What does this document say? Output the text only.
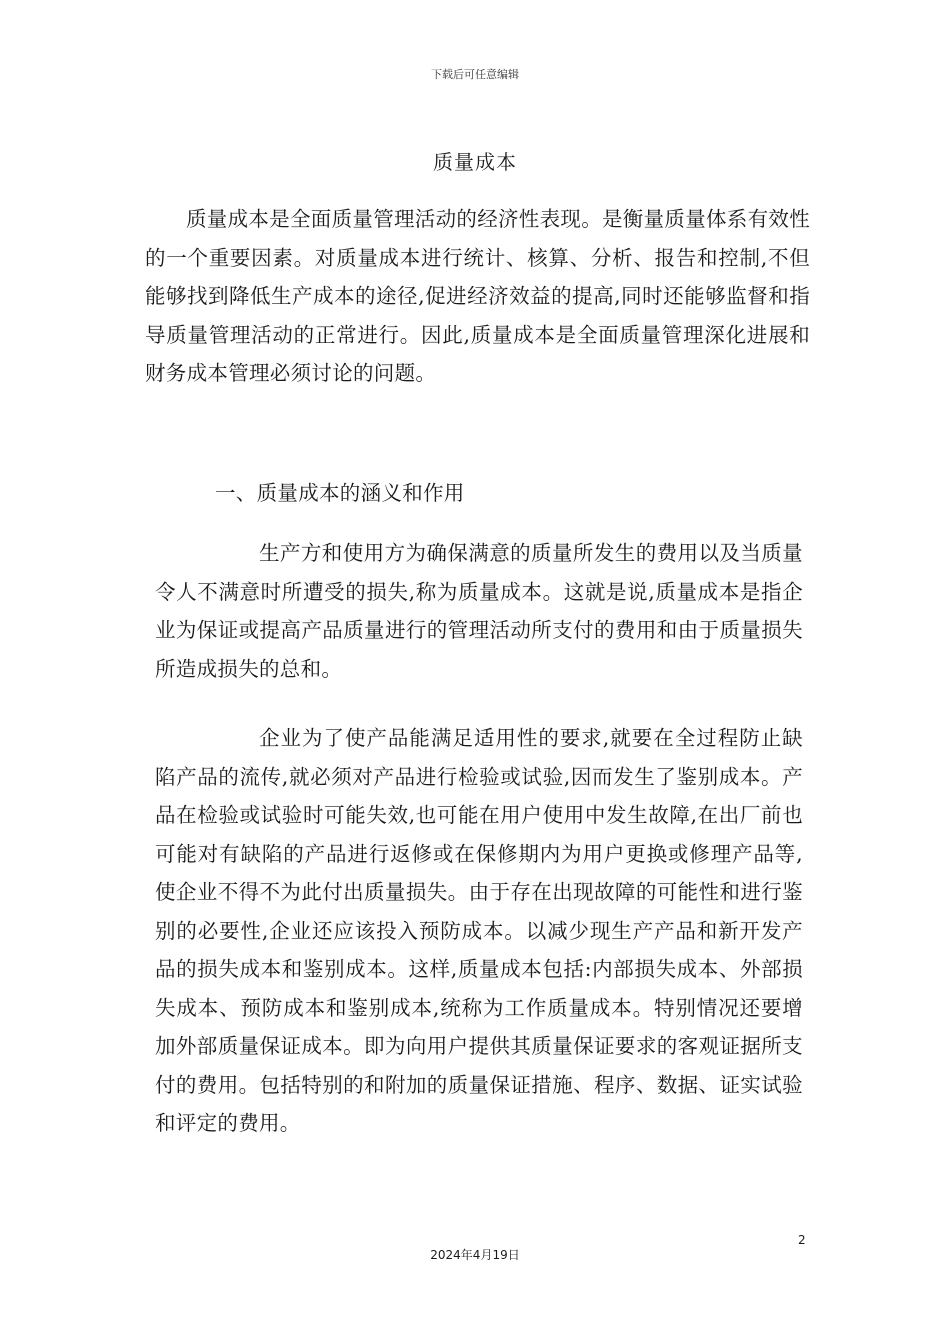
下载后可任意编辑
质量成本
质量成本是全面质量管理活动的经济性表现。是衡量质量体系有效性的一个重要因素。对质量成本进行统计、核算、分析、报告和控制,不但能够找到降低生产成本的途径,促进经济效益的提高,同时还能够监督和指导质量管理活动的正常进行。因此,质量成本是全面质量管理深化进展和财务成本管理必须讨论的问题。
一、质量成本的涵义和作用
生产方和使用方为确保满意的质量所发生的费用以及当质量令人不满意时所遭受的损失,称为质量成本。这就是说,质量成本是指企业为保证或提高产品质量进行的管理活动所支付的费用和由于质量损失所造成损失的总和。
企业为了使产品能满足适用性的要求,就要在全过程防止缺陷产品的流传,就必须对产品进行检验或试验,因而发生了鉴别成本。产品在检验或试验时可能失效,也可能在用户使用中发生故障,在出厂前也可能对有缺陷的产品进行返修或在保修期内为用户更换或修理产品等,使企业不得不为此付出质量损失。由于存在出现故障的可能性和进行鉴别的必要性,企业还应该投入预防成本。以减少现生产产品和新开发产品的损失成本和鉴别成本。这样,质量成本包括:内部损失成本、外部损失成本、预防成本和鉴别成本,统称为工作质量成本。特别情况还要增加外部质量保证成本。即为向用户提供其质量保证要求的客观证据所支付的费用。包括特别的和附加的质量保证措施、程序、数据、证实试验和评定的费用。
2
2024年4月19日
